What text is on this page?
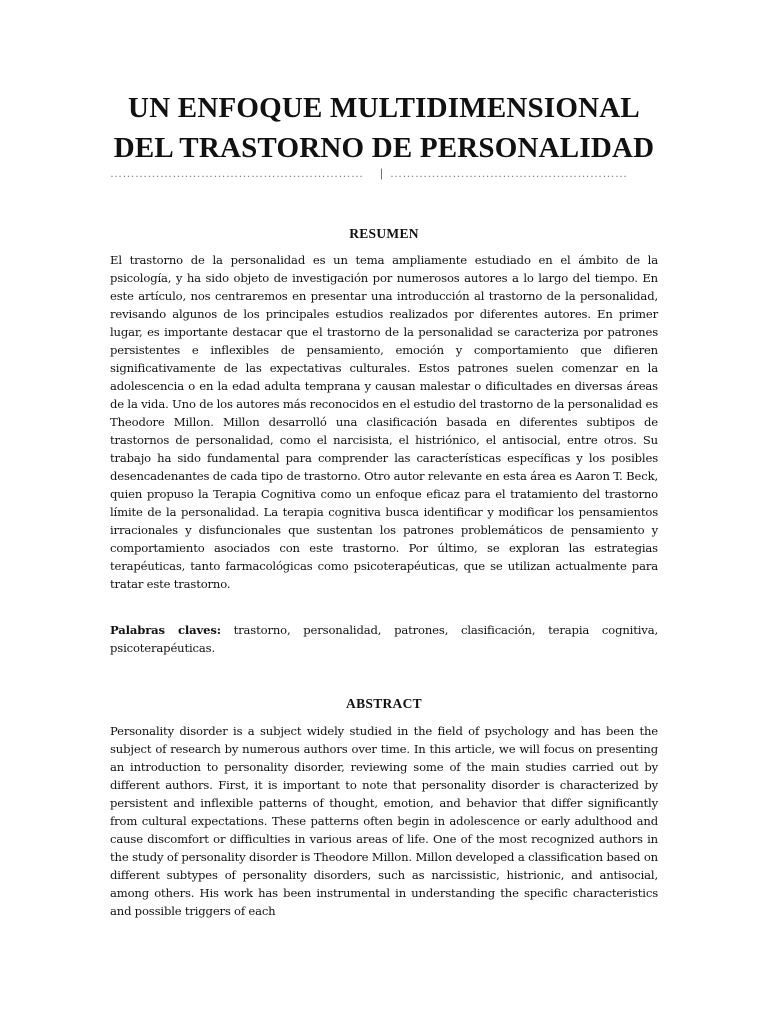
UN ENFOQUE MULTIDIMENSIONAL
DEL TRASTORNO DE PERSONALIDAD
……………….…………………………………… | …………………………………………………
RESUMEN
El trastorno de la personalidad es un tema ampliamente estudiado en el ámbito de la psicología, y ha sido objeto de investigación por numerosos autores a lo largo del tiempo. En este artículo, nos centraremos en presentar una introducción al trastorno de la personalidad, revisando algunos de los principales estudios realizados por diferentes autores. En primer lugar, es importante destacar que el trastorno de la personalidad se caracteriza por patrones persistentes e inflexibles de pensamiento, emoción y comportamiento que difieren significativamente de las expectativas culturales. Estos patrones suelen comenzar en la adolescencia o en la edad adulta temprana y causan malestar o dificultades en diversas áreas de la vida. Uno de los autores más reconocidos en el estudio del trastorno de la personalidad es Theodore Millon. Millon desarrolló una clasificación basada en diferentes subtipos de trastornos de personalidad, como el narcisista, el histriónico, el antisocial, entre otros. Su trabajo ha sido fundamental para comprender las características específicas y los posibles desencadenantes de cada tipo de trastorno. Otro autor relevante en esta área es Aaron T. Beck, quien propuso la Terapia Cognitiva como un enfoque eficaz para el tratamiento del trastorno límite de la personalidad. La terapia cognitiva busca identificar y modificar los pensamientos irracionales y disfuncionales que sustentan los patrones problemáticos de pensamiento y comportamiento asociados con este trastorno. Por último, se exploran las estrategias terapéuticas, tanto farmacológicas como psicoterapéuticas, que se utilizan actualmente para tratar este trastorno.
Palabras claves: trastorno, personalidad, patrones, clasificación, terapia cognitiva, psicoterapéuticas.
ABSTRACT
Personality disorder is a subject widely studied in the field of psychology and has been the subject of research by numerous authors over time. In this article, we will focus on presenting an introduction to personality disorder, reviewing some of the main studies carried out by different authors. First, it is important to note that personality disorder is characterized by persistent and inflexible patterns of thought, emotion, and behavior that differ significantly from cultural expectations. These patterns often begin in adolescence or early adulthood and cause discomfort or difficulties in various areas of life. One of the most recognized authors in the study of personality disorder is Theodore Millon. Millon developed a classification based on different subtypes of personality disorders, such as narcissistic, histrionic, and antisocial, among others. His work has been instrumental in understanding the specific characteristics and possible triggers of each
